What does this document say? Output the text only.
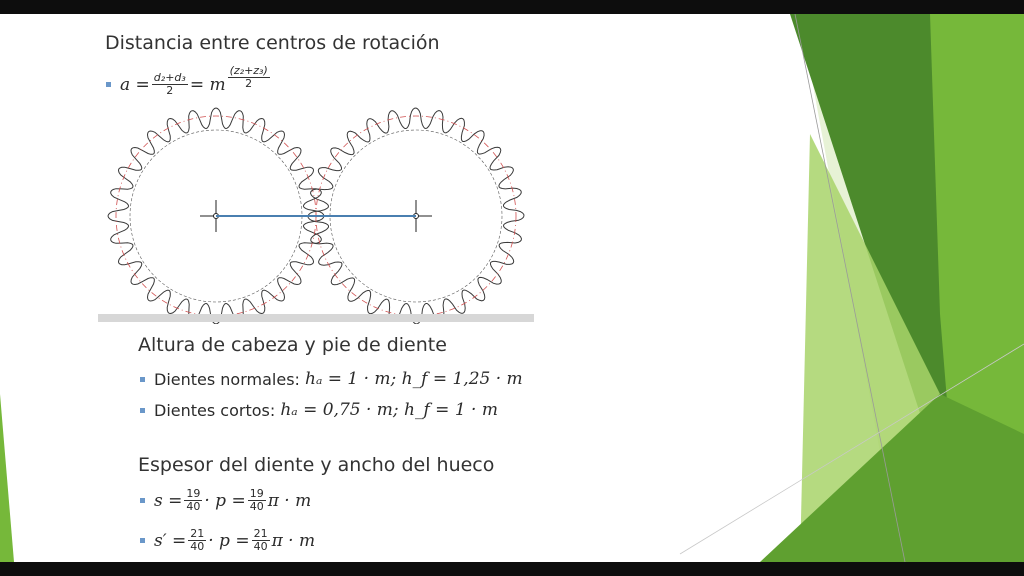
Distancia entre centros de rotación
$a = \frac{\text{d₂+d₃}}{2} = m \frac{\text{(z₂+z₃)}}{2}$
Altura de cabeza y pie de diente
Dientes normales:
hₐ = 1 · m; h_f = 1,25 · m
Dientes cortos:
hₐ = 0,75 · m; h_f = 1 · m
Espesor del diente y ancho del hueco
$s = \frac{19}{40} \cdot p = \frac{19}{40}$ π · m
$s' = \frac{21}{40} \cdot p = \frac{21}{40}$ π · m
